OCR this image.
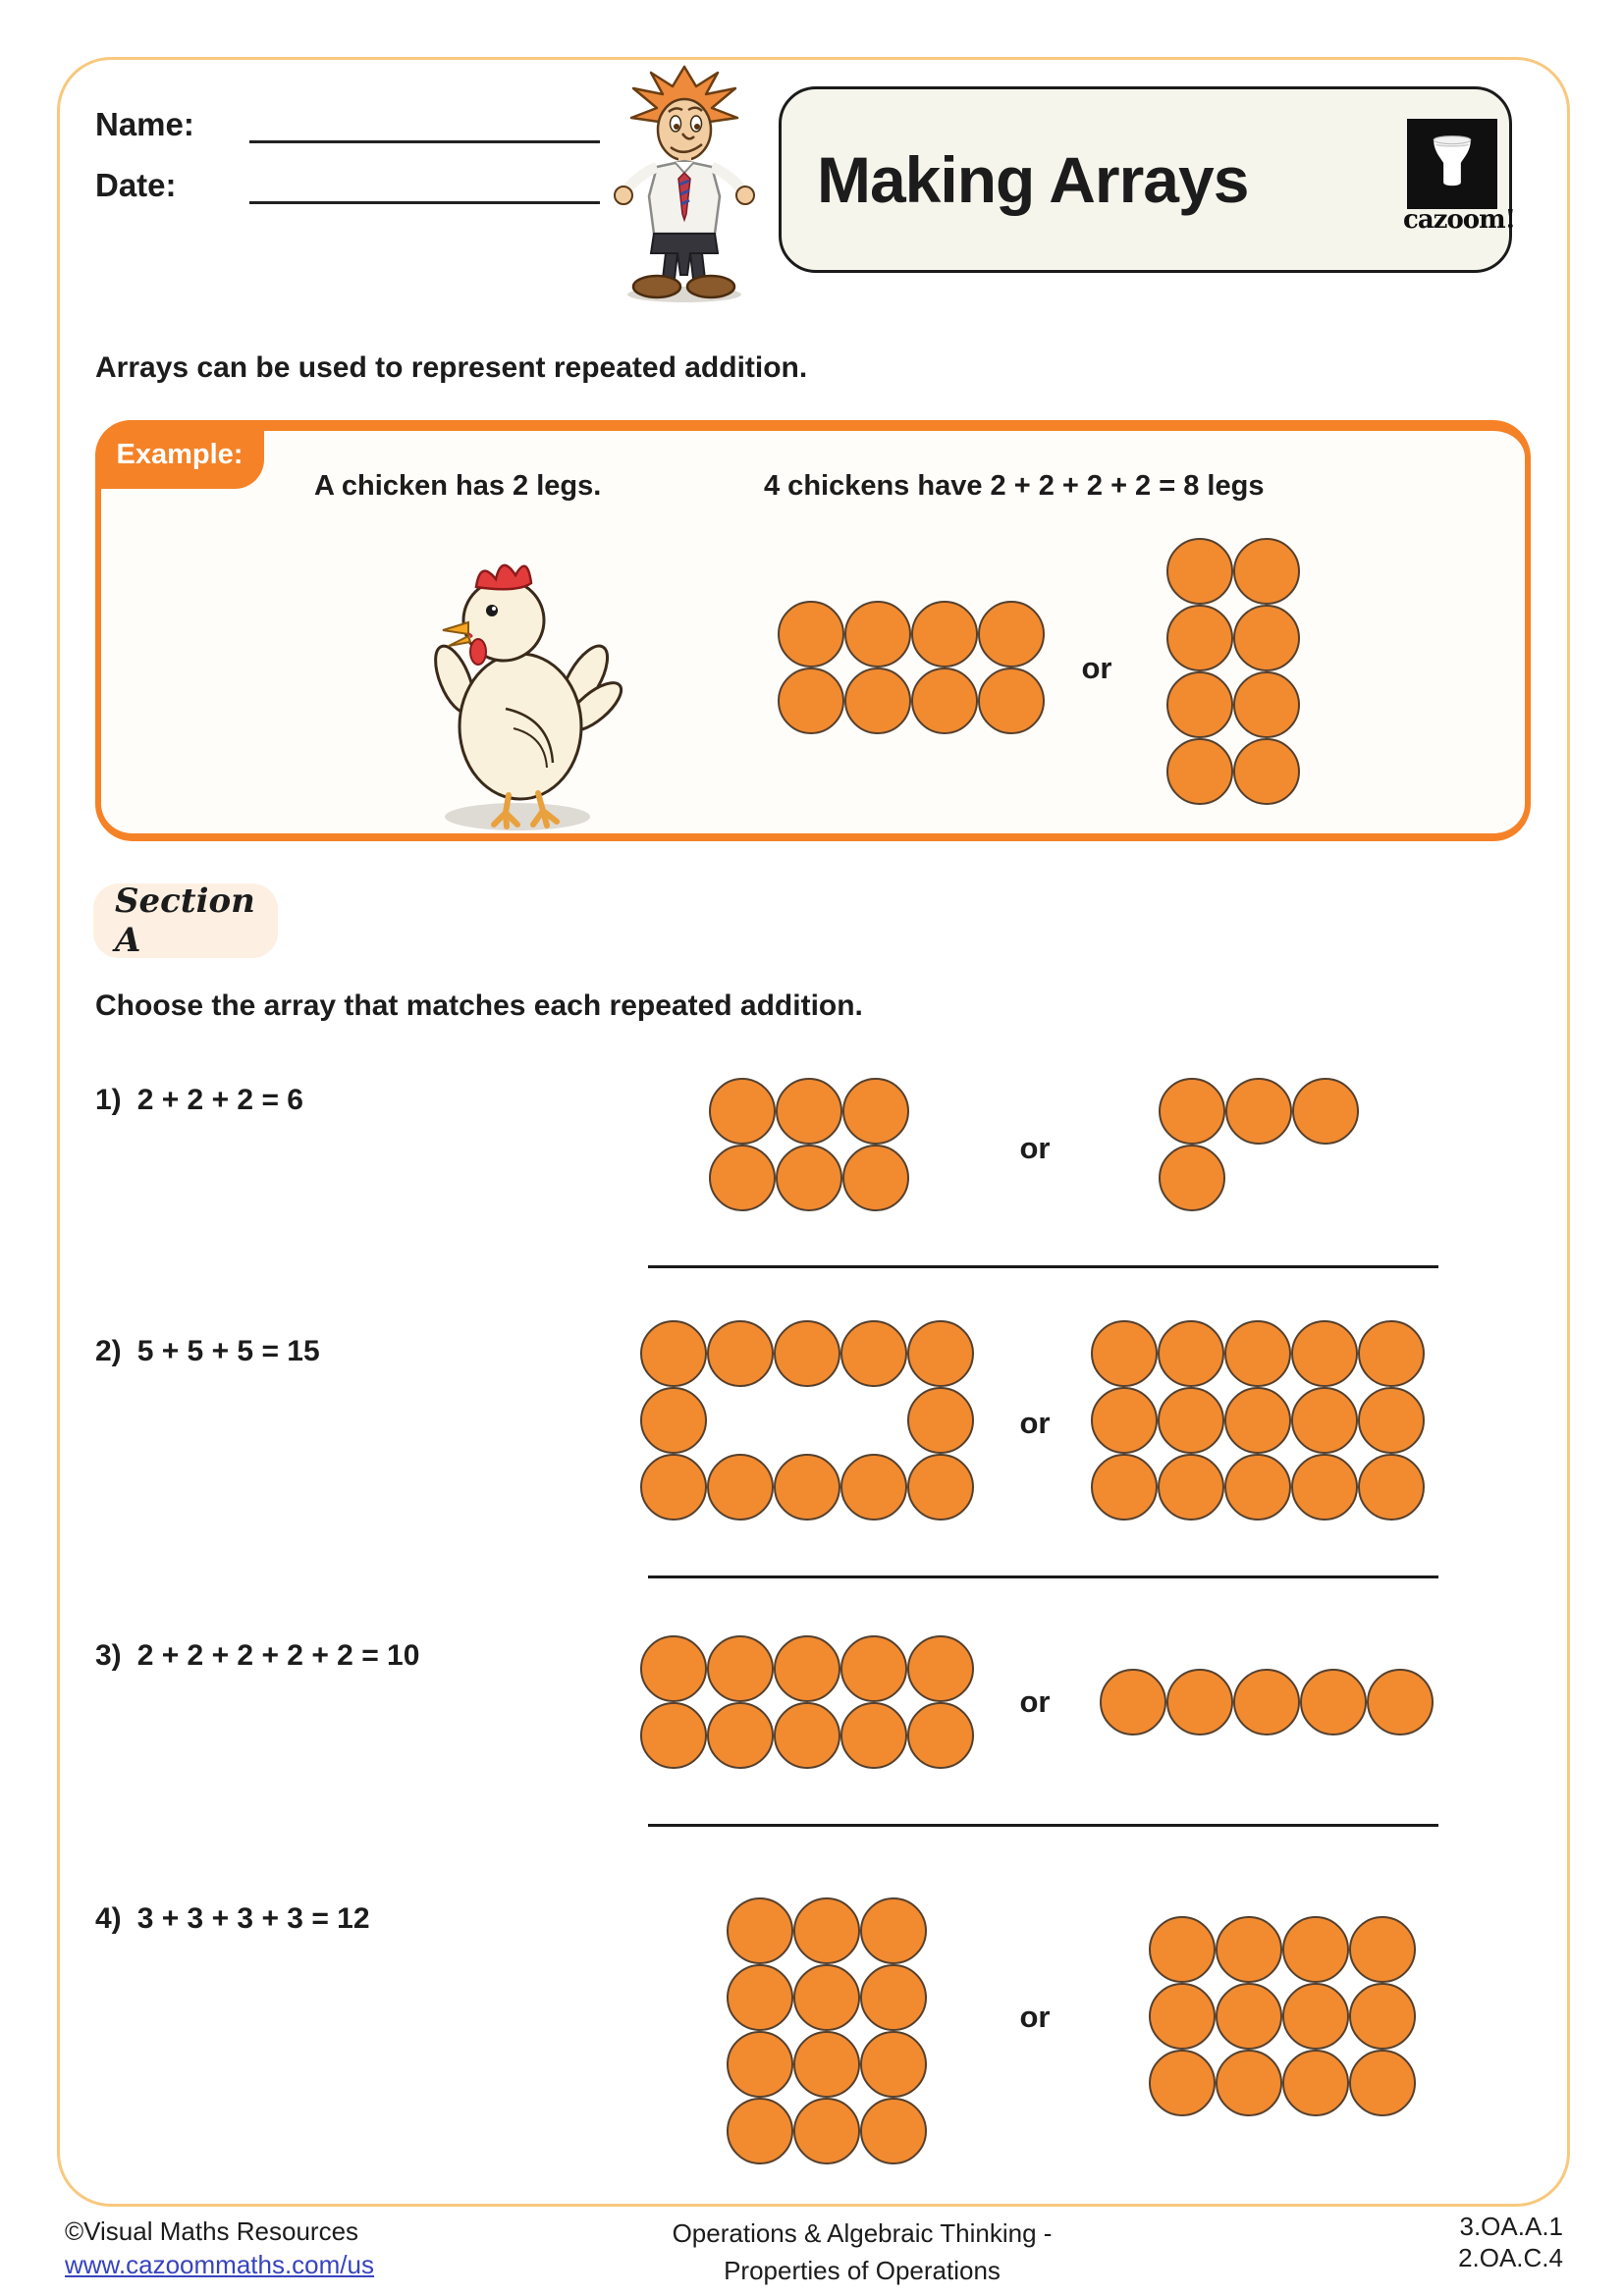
Name:
Date:	Making Arrays
cazoom!
Arrays can be used to represent repeated addition.
Example:
A chicken has 2 legs.	4 chickens have 2 + 2 + 2 + 2 = 8 legs
or
Section A
Choose the array that matches each repeated addition.
1) 2 + 2 + 2 = 6
or
2) 5 + 5 + 5 = 15
or
3) 2 + 2 + 2 + 2 + 2 = 10
or
4) 3 + 3 + 3 + 3 = 12
or
©Visual Maths Resources
www.cazoommaths.com/us
Operations & Algebraic Thinking -
Properties of Operations
3.OA.A.1
2.OA.C.4
